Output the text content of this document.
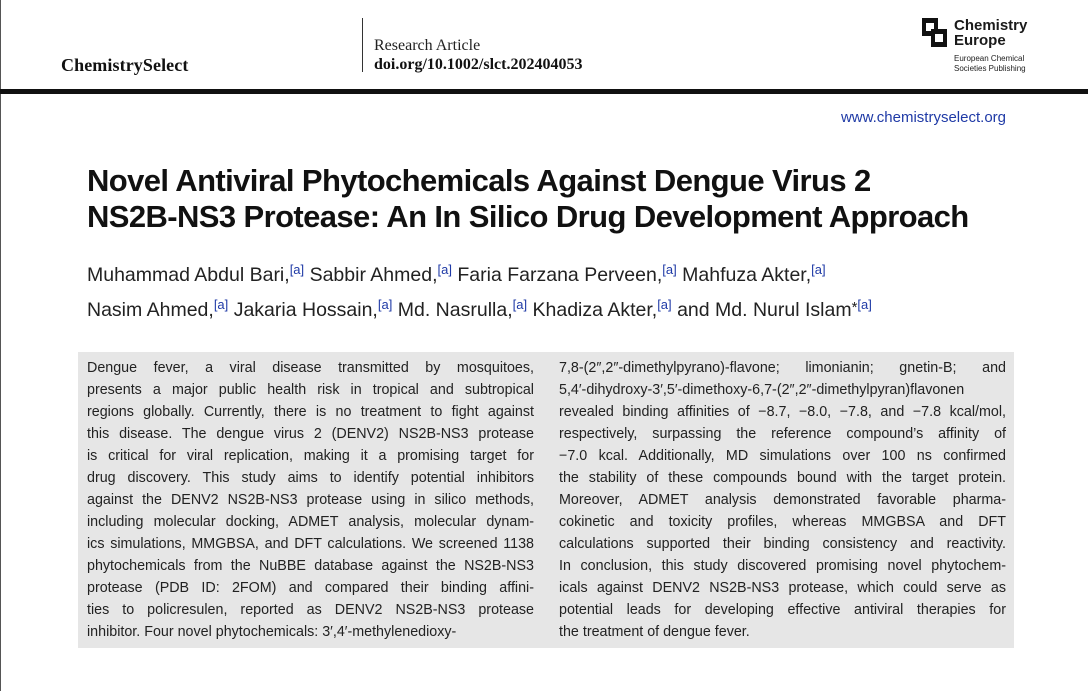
ChemistrySelect
Research Article
doi.org/10.1002/slct.202404053
Chemistry
Europe
European Chemical
Societies Publishing
www.chemistryselect.org
Novel Antiviral Phytochemicals Against Dengue Virus 2
NS2B-NS3 Protease: An In Silico Drug Development Approach

Muhammad Abdul Bari,[a] Sabbir Ahmed,[a] Faria Farzana Perveen,[a] Mahfuza Akter,[a]
Nasim Ahmed,[a] Jakaria Hossain,[a] Md. Nasrulla,[a] Khadiza Akter,[a] and Md. Nurul Islam$^{*[a]}$

Dengue fever, a viral disease transmitted by mosquitoes,
presents a major public health risk in tropical and subtropical
regions globally. Currently, there is no treatment to fight against
this disease. The dengue virus 2 (DENV2) NS2B-NS3 protease
is critical for viral replication, making it a promising target for
drug discovery. This study aims to identify potential inhibitors
against the DENV2 NS2B-NS3 protease using in silico methods,
including molecular docking, ADMET analysis, molecular dynam-
ics simulations, MMGBSA, and DFT calculations. We screened 1138
phytochemicals from the NuBBE database against the NS2B-NS3
protease (PDB ID: 2FOM) and compared their binding affini-
ties to policresulen, reported as DENV2 NS2B-NS3 protease
inhibitor. Four novel phytochemicals: 3′,4′-methylenedioxy-
7,8-(2″,2″-dimethylpyrano)-flavone; limonianin; gnetin-B; and
5,4′-dihydroxy-3′,5′-dimethoxy-6,7-(2″,2″-dimethylpyran)flavonen
revealed binding affinities of −8.7, −8.0, −7.8, and −7.8 kcal/mol,
respectively, surpassing the reference compound’s affinity of
−7.0 kcal. Additionally, MD simulations over 100 ns confirmed
the stability of these compounds bound with the target protein.
Moreover, ADMET analysis demonstrated favorable pharma-
cokinetic and toxicity profiles, whereas MMGBSA and DFT
calculations supported their binding consistency and reactivity.
In conclusion, this study discovered promising novel phytochem-
icals against DENV2 NS2B-NS3 protease, which could serve as
potential leads for developing effective antiviral therapies for
the treatment of dengue fever.
